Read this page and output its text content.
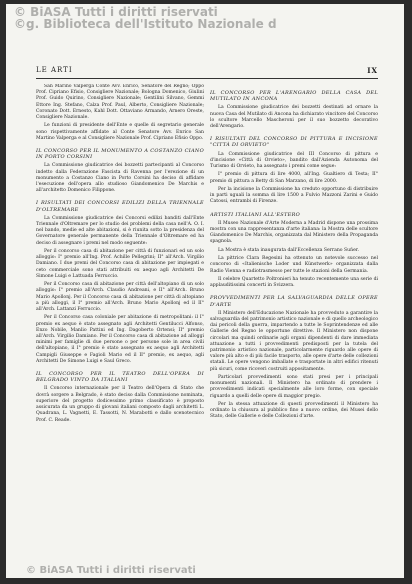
© BiASA Tutti i diritti riservati
©g. Biblioteca dell'Istituto Nazionale d
LE ARTI	IX

San Marino Valperga Conte Avv. Enrico, Senatore del Regno; Oppo Prof. Cipriano Efisio, Consigliere Nazionale; Bologna Domenico, Giulini Prof. Guido Quirino, Consigliere Nazionale; Gentilini Silvano, Gemmi Ettore Ing. Stefano, Calza Prof. Paul, Alberto, Consigliere Nazionale; Coronato Dott. Ernesto, Kahl Dott. Ottaviano Armando, Arnero Oreste, Consigliere Nazionale.

Le funzioni di presidente dell'Ente e quelle di segretario generale sono rispettivamente affidate al Conte Senatore Avv. Enrico San Martino Valperga e al Consigliere Nazionale Prof. Cipriano Efisio Oppo.

IL CONCORSO PER IL MONUMENTO A COSTANZO CIANO IN PORTO CORSINI

La Commissione giudicatrice dei bozzetti partecipanti al Concorso indetto dalla Federazione Fascista di Ravenna per l'erezione di un monumento a Costanzo Ciano in Porto Corsini ha deciso di affidare l'esecuzione dell'opera allo studioso Giandomenico De Marchis e all'architetto Domenico Filippone.

I RISULTATI DEI CONCORSI EDILIZI DELLA TRIENNALE D'OLTREMARE

La Commissione giudicatrice dei Concorsi edilizi banditi dall'Ente Triennale d'Oltremare per lo studio dei problemi della casa nell'A. O. I. nel bando, medie ed alte abitazioni, si è riunita sotto la presidenza del Governatore generale permanente della Triennale d'Oltremare ed ha deciso di assegnare i premi nel modo seguente:

Per il concorso casa di abitazione per città di funzionari ed un solo alloggio: I° premio all'Ing. Prof. Achille Pellegrini; II° all'Arch. Virgilio Damiano. I due premi del Concorso casa di abitazione per impiegati e ceto commerciale sono stati attribuiti ex aequo agli Architetti De Simone Luigi e Lattuada Ferruccio.

Per il Concorso casa di abitazione per città dell'altopiano di un solo alloggio: I° premio all'Arch. Claudio Andreani, e II° all'Arch. Bruno Mario Apollonj. Per il Concorso casa di abitazione per città di altopiano a più alloggi, il I° premio all'Arch. Bruno Mario Apollonj ed il II° all'Arch. Lattanzi Ferruccio.

Per il Concorso casa coloniale per abitazione di metropolitani: il I° premio ex aequo è stato assegnato agli Architetti Gentilucci Alfonso, Enzo Nobile, Manlio Pattini ed Ing. Dagoberto Ortensi; II° premio all'Arch. Virgilio Damiano. Per il Concorso casa di abitazione ad alloggi minimi per famiglie di due persone o per persone sole in area civili dell'altopiano, il I° premio è stato assegnato ex aequo agli Architetti Campigli Giuseppe e Fagioli Mario ed il II° premio, ex aequo, agli Architetti De Simone Luigi e Saul Greco.

IL CONCORSO PER IL TEATRO DELL'OPERA DI BELGRADO VINTO DA ITALIANI

Il Concorso internazionale per il Teatro dell'Opera di Stato che dovrà sorgere a Belgrado, è stato deciso dalla Commissione nominata, superiore del progetto dodicessimo primo classificato è proposto assicurata da un gruppo di giovani italiani composto dagli architetti L. Quadrana, L. Vagnetti, E. Tassotti, N. Marabotti e dallo scenotecnico Prof. C. Reade.

IL CONCORSO PER L'ARENGARIO DELLA CASA DEL MUTILATO IN ANCONA

La Commissione giudicatrice dei bozzetti destinati ad ornare la nuova Casa del Mutilato di Ancona ha dichiarato vincitore del Concorso lo scultore Marcello Mascheroni per il suo bozzetto decorativo dell'Arengario.

I RISULTATI DEL CONCORSO DI PITTURA E INCISIONE "CITTÀ DI ORVIETO"

La Commissione giudicatrice del III Concorso di pittura e d'incisione «Città di Orvieto», bandito dall'Azienda Autonoma del Turismo di Orvieto, ha assegnato i premi come segue:

I° premio di pittura di lire 4000, all'Ing. Gualtiero di Testa; II° premio di pittura a Betty di San Marzano, di lire 2000.

Per la incisione la Commissione ha creduto opportuno di distribuire in parti uguali la somma di lire 1500 a Fulvio Mazzoni Zarini e Guido Catossi, entrambi di Firenze.

ARTISTI ITALIANI ALL'ESTERO

Il Museo Nazionale d'Arte Moderna a Madrid dispone una prossima mostra con una rappresentanza d'arte italiana: la Mostra delle scultore Giandomenico De Marchis, organizzata dal Ministero della Propaganda spagnola.

La Mostra è stata inaugurata dall'Eccellenza Serrano Suñer.

La pittrice Clara Regesini ha ottenuto un notevole successo nel concorso di «Italienische Loder und Künstwerk» organizzata dalla Radio Vienna e radiotrasmesso per tutte le stazioni della Germania.

Il celebre Quartetto Poltronieri ha tenuto recentemente una serie di applauditissimi concerti in Svizzera.

PROVVEDIMENTI PER LA SALVAGUARDIA DELLE OPERE D'ARTE

Il Ministero dell'Educazione Nazionale ha provveduto a garantire la salvaguardia del patrimonio artistico nazionale e di quello archeologico dai pericoli della guerra, impartendo a tutte le Soprintendenze ed alle Gallerie del Regno le opportune direttive. Il Ministero non dispone circolari ma quindi ordinarie agli organi dipendenti di dare immediata attuazione a tutti i provvedimenti predisposti per la tutela del patrimonio artistico nazionale, particolarmente riguardo alle opere di valore più alto e di più facile trasporto, alle opere d'arte delle collezioni statali. Le opere vengono imballate e trasportate in altri edifici ritenuti più sicuri, come ricoveri costruiti appositamente.

Particolari provvedimenti sono stati presi per i principali monumenti nazionali. Il Ministero ha ordinato di prendere i provvedimenti indicati specialmente alle loro forme, con speciale riguardo a quelli delle opere di maggior pregio.

Per la stessa attuazione di questi provvedimenti il Ministero ha ordinato la chiusura al pubblico fino a nuovo ordine, dei Musei dello Stato, delle Gallerie e delle Collezioni d'arte.

© BiASA Tutti i diritti riservati
